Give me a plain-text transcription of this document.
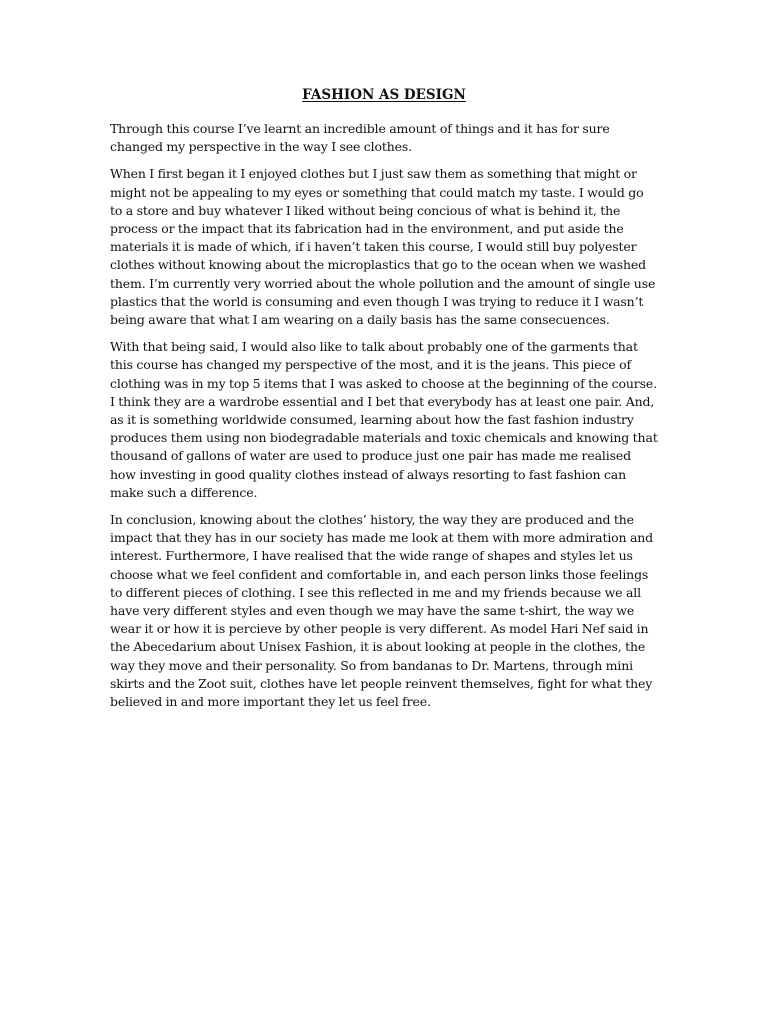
FASHION AS DESIGN

Through this course I’ve learnt an incredible amount of things and it has for sure changed my perspective in the way I see clothes.

When I first began it I enjoyed clothes but I just saw them as something that might or might not be appealing to my eyes or something that could match my taste. I would go to a store and buy whatever I liked without being concious of what is behind it, the process or the impact that its fabrication had in the environment, and put aside the materials it is made of which, if i haven’t taken this course, I would still buy polyester clothes without knowing about the microplastics that go to the ocean when we washed them. I’m currently very worried about the whole pollution and the amount of single use plastics that the world is consuming and even though I was trying to reduce it I wasn’t being aware that what I am wearing on a daily basis has the same consecuences.

With that being said, I would also like to talk about probably one of the garments that this course has changed my perspective of the most, and it is the jeans. This piece of clothing was in my top 5 items that I was asked to choose at the beginning of the course. I think they are a wardrobe essential and I bet that everybody has at least one pair. And, as it is something worldwide consumed, learning about how the fast fashion industry produces them using non biodegradable materials and toxic chemicals and knowing that thousand of gallons of water are used to produce just one pair has made me realised how investing in good quality clothes instead of always resorting to fast fashion can make such a difference.

In conclusion, knowing about the clothes’ history, the way they are produced and the impact that they has in our society has made me look at them with more admiration and interest. Furthermore, I have realised that the wide range of shapes and styles let us choose what we feel confident and comfortable in, and each person links those feelings to different pieces of clothing. I see this reflected in me and my friends because we all have very different styles and even though we may have the same t-shirt, the way we wear it or how it is percieve by other people is very different. As model Hari Nef said in the Abecedarium about Unisex Fashion, it is about looking at people in the clothes, the way they move and their personality. So from bandanas to Dr. Martens, through mini skirts and the Zoot suit, clothes have let people reinvent themselves, fight for what they believed in and more important they let us feel free.
